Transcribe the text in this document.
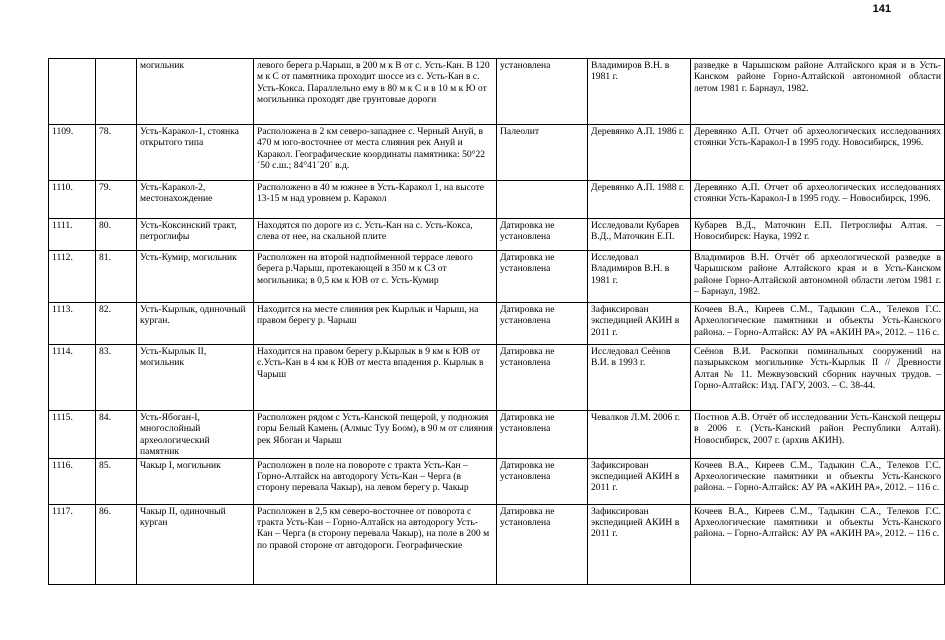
141

		могильник	левого берега р.Чарыш, в 200 м к В от с. Усть-Кан. В 120 м к С от памятника проходит шоссе из с. Усть-Кан в с. Усть-Кокса. Параллельно ему в 80 м к С и в 10 м к Ю от могильника проходят две грунтовые дороги	установлена	Владимиров В.Н. в 1981 г.	разведке в Чарышском районе Алтайского края и в Усть-Канском районе Горно-Алтайской автономной области летом 1981 г. Барнаул, 1982.

1109.	78.	Усть-Каракол-1, стоянка открытого типа	Расположена в 2 км северо-западнее с. Черный Ануй, в 470 м юго-восточнее от места слияния рек Ануй и Каракол. Географические координаты памятника: 50°22´50 с.ш.; 84°41´20´ в.д.	Палеолит	Деревянко А.П. 1986 г.	Деревянко А.П. Отчет об археологических исследованиях стоянки Усть-Каракол-I в 1995 году. Новосибирск, 1996.

1110.	79.	Усть-Каракол-2, местонахождение	Расположено в 40 м южнее в Усть-Каракол 1, на высоте 13-15 м над уровнем р. Каракол		Деревянко А.П. 1988 г.	Деревянко А.П. Отчет об археологических исследованиях стоянки Усть-Каракол-I в 1995 году. – Новосибирск, 1996.

1111.	80.	Усть-Коксинский тракт, петроглифы	Находятся по дороге из с. Усть-Кан на с. Усть-Кокса, слева от нее, на скальной плите	Датировка не установлена	Исследовали Кубарев В.Д., Маточкин Е.П.	Кубарев В.Д., Маточкин Е.П. Петроглифы Алтая. – Новосибирск: Наука, 1992 г.

1112.	81.	Усть-Кумир, могильник	Расположен на второй надпойменной террасе левого берега р.Чарыш, протекающей в 350 м к СЗ от могильника; в 0,5 км к ЮВ от с. Усть-Кумир	Датировка не установлена	Исследовал Владимиров В.Н. в 1981 г.	Владимиров В.Н. Отчёт об археологической разведке в Чарышском районе Алтайского края и в Усть-Канском районе Горно-Алтайской автономной области летом 1981 г. – Барнаул, 1982.

1113.	82.	Усть-Кырлык, одиночный курган.	Находится на месте слияния рек Кырлык и Чарыш, на правом берегу р. Чарыш	Датировка не установлена	Зафиксирован экспедицией АКИН в 2011 г.	Кочеев В.А., Киреев С.М., Тадыкин С.А., Телеков Г.С. Археологические памятники и объекты Усть-Канского района. – Горно-Алтайск: АУ РА «АКИН РА», 2012. – 116 с.

1114.	83.	Усть-Кырлык II, могильник	Находится на правом берегу р.Кырлык в 9 км к ЮВ от с.Усть-Кан в 4 км к ЮВ от места впадения р. Кырлык в Чарыш	Датировка не установлена	Исследовал Сеёнов В.И. в 1993 г.	Сеёнов В.И. Раскопки поминальных сооружений на пазырыкском могильнике Усть-Кырлык II // Древности Алтая № 11. Межвузовский сборник научных трудов. – Горно-Алтайск: Изд. ГАГУ, 2003. – С. 38-44.

1115.	84.	Усть-Ябоган-I, многослойный археологический памятник	Расположен рядом с Усть-Канской пещерой, у подножия горы Белый Камень (Алмыс Туу Боом), в 90 м от слияния рек Ябоган и Чарыш	Датировка не установлена	Чевалков Л.М. 2006 г.	Постнов А.В. Отчёт об исследовании Усть-Канской пещеры в 2006 г. (Усть-Канский район Республики Алтай). Новосибирск, 2007 г. (архив АКИН).

1116.	85.	Чакыр I, могильник	Расположен в поле на повороте с тракта Усть-Кан – Горно-Алтайск на автодорогу Усть-Кан – Черга (в сторону перевала Чакыр), на левом берегу р. Чакыр	Датировка не установлена	Зафиксирован экспедицией АКИН в 2011 г.	Кочеев В.А., Киреев С.М., Тадыкин С.А., Телеков Г.С. Археологические памятники и объекты Усть-Канского района. – Горно-Алтайск: АУ РА «АКИН РА», 2012. – 116 с.

1117.	86.	Чакыр II, одиночный курган	Расположен в 2,5 км северо-восточнее от поворота с тракта Усть-Кан – Горно-Алтайск на автодорогу Усть-Кан – Черга (в сторону перевала Чакыр), на поле в 200 м по правой стороне от автодороги. Географические	Датировка не установлена	Зафиксирован экспедицией АКИН в 2011 г.	Кочеев В.А., Киреев С.М., Тадыкин С.А., Телеков Г.С. Археологические памятники и объекты Усть-Канского района. – Горно-Алтайск: АУ РА «АКИН РА», 2012. – 116 с.
